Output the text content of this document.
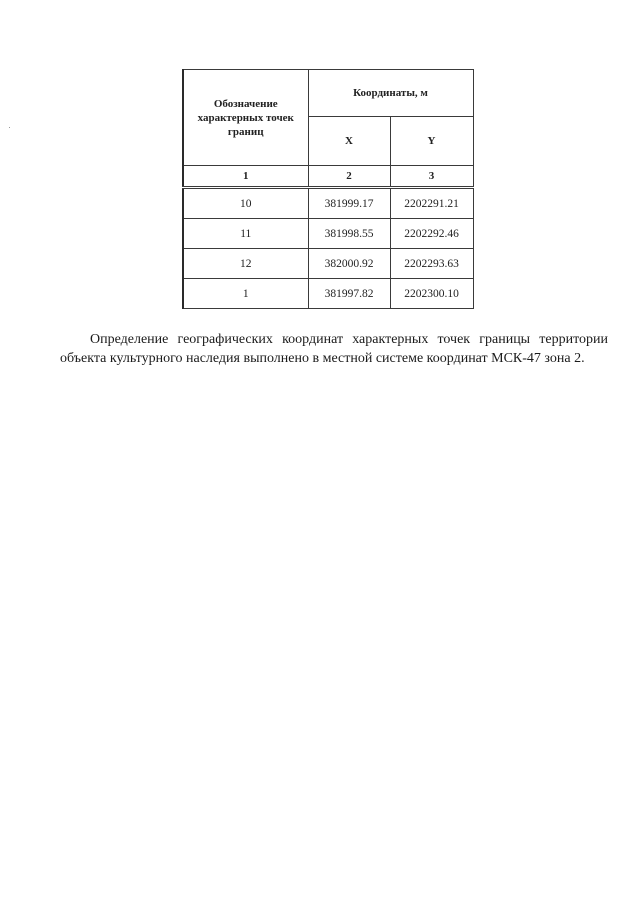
Обозначение характерных точек границ	Координаты, м	
	X	Y
1	2	3
10	381999.17	2202291.21
11	381998.55	2202292.46
12	382000.92	2202293.63
1	381997.82	2202300.10

Определение географических координат характерных точек границы территории объекта культурного наследия выполнено в местной системе координат МСК-47 зона 2.
